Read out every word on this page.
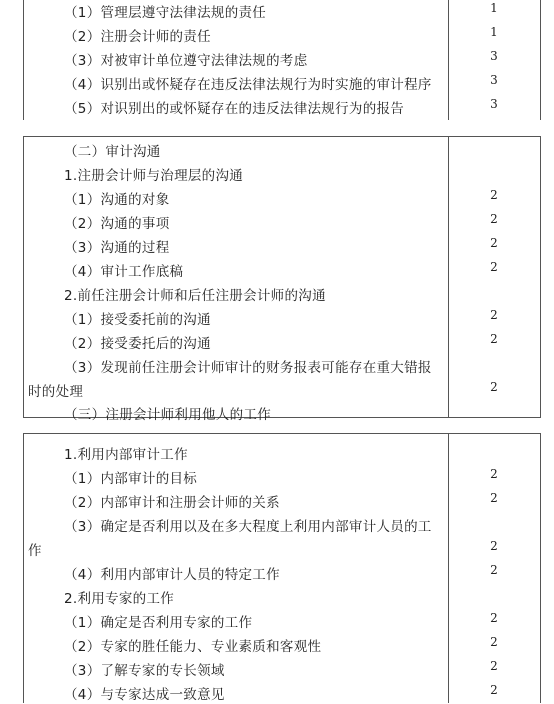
（1）管理层遵守法律法规的责任	1
（2）注册会计师的责任	1
（3）对被审计单位遵守法律法规的考虑	3
（4）识别出或怀疑存在违反法律法规行为时实施的审计程序	3
（5）对识别出的或怀疑存在的违反法律法规行为的报告	3
（二）审计沟通
1.注册会计师与治理层的沟通
（1）沟通的对象	2
（2）沟通的事项	2
（3）沟通的过程	2
（4）审计工作底稿	2
2.前任注册会计师和后任注册会计师的沟通
（1）接受委托前的沟通	2
（2）接受委托后的沟通	2
（3）发现前任注册会计师审计的财务报表可能存在重大错报
时的处理	2
（三）注册会计师利用他人的工作
1.利用内部审计工作
（1）内部审计的目标	2
（2）内部审计和注册会计师的关系	2
（3）确定是否利用以及在多大程度上利用内部审计人员的工
作	2
（4）利用内部审计人员的特定工作	2
2.利用专家的工作
（1）确定是否利用专家的工作	2
（2）专家的胜任能力、专业素质和客观性	2
（3）了解专家的专长领域	2
（4）与专家达成一致意见	2
